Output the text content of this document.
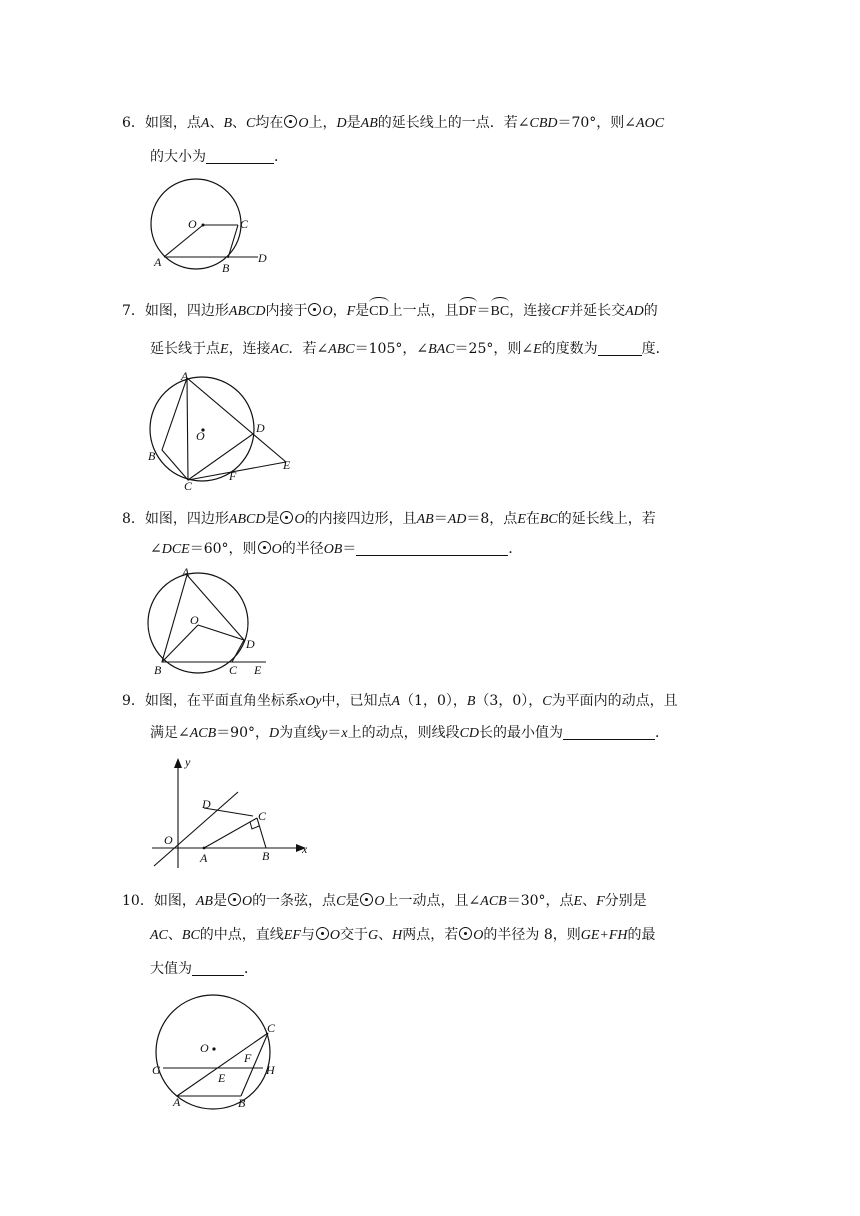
6．如图，点A、B、C均在 O上，D是AB的延长线上的一点．若∠CBD＝70°，则∠AOC
的大小为	．
O	C
A	B
D
7．如图，四边形ABCD内接于 O，F是CD上一点，且DF＝BC，连接CF并延长交AD的
延长线于点E，连接AC．若∠ABC＝105°，∠BAC＝25°，则∠E的度数为	度．
A
O
D
B
C
F
E
8．如图，四边形ABCD是 O的内接四边形，且AB＝AD＝8，点E在BC的延长线上，若
∠DCE＝60°，则 O的半径OB＝	．
A
O
D
B	C E
9．如图，在平面直角坐标系xOy中，已知点A（1，0），B（3，0），C为平面内的动点，且
满足∠ACB＝90°，D为直线y＝x上的动点，则线段CD长的最小值为	．
y
D
C
O
A	B	x
10．如图，AB是 O的一条弦，点C是 O上一动点，且∠ACB＝30°，点E、F分别是
AC、BC的中点，直线EF与 O交于G、H两点，若 O的半径为 8，则GE+FH的最
大值为	．
O
C
F
G
E
H
A	B
